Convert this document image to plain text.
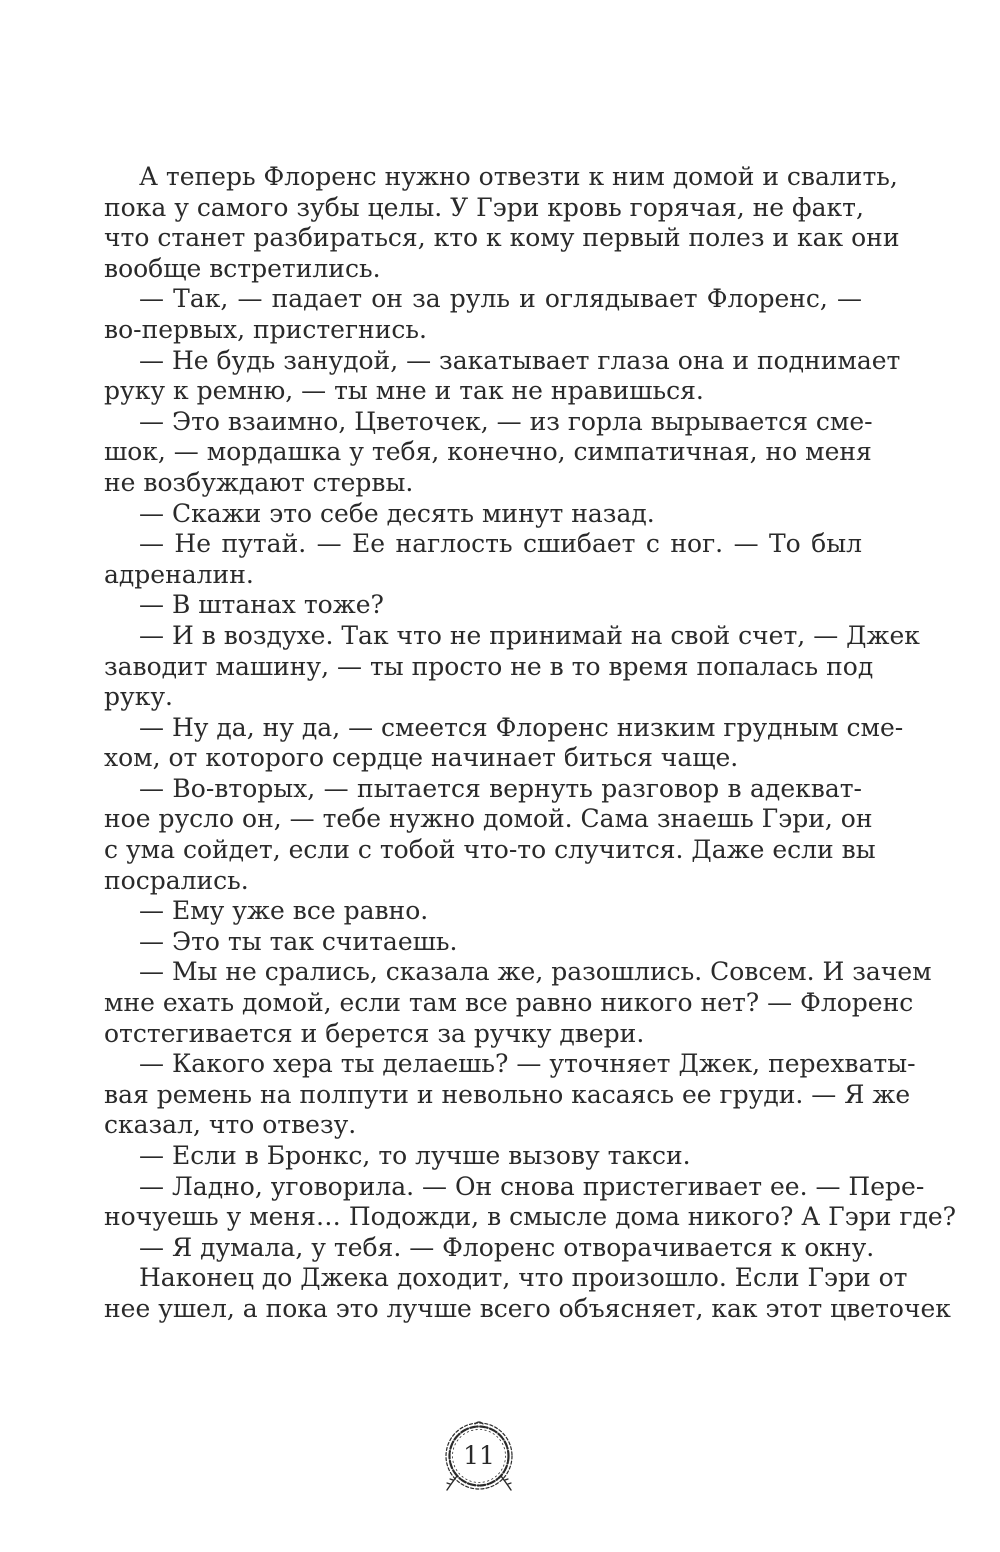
А теперь Флоренс нужно отвезти к ним домой и свалить,
пока у самого зубы целы. У Гэри кровь горячая, не факт,
что станет разбираться, кто к кому первый полез и как они
вообще встретились.
— Так, — падает он за руль и оглядывает Флоренс, —
во-первых, пристегнись.
— Не будь занудой, — закатывает глаза она и поднимает
руку к ремню, — ты мне и так не нравишься.
— Это взаимно, Цветочек, — из горла вырывается сме-
шок, — мордашка у тебя, конечно, симпатичная, но меня
не возбуждают стервы.
— Скажи это себе десять минут назад.
— Не путай. — Ее наглость сшибает с ног. — То был
адреналин.
— В штанах тоже?
— И в воздухе. Так что не принимай на свой счет, — Джек
заводит машину, — ты просто не в то время попалась под
руку.
— Ну да, ну да, — смеется Флоренс низким грудным сме-
хом, от которого сердце начинает биться чаще.
— Во-вторых, — пытается вернуть разговор в адекват-
ное русло он, — тебе нужно домой. Сама знаешь Гэри, он
с ума сойдет, если с тобой что-то случится. Даже если вы
посрались.
— Ему уже все равно.
— Это ты так считаешь.
— Мы не срались, сказала же, разошлись. Совсем. И зачем
мне ехать домой, если там все равно никого нет? — Флоренс
отстегивается и берется за ручку двери.
— Какого хера ты делаешь? — уточняет Джек, перехваты-
вая ремень на полпути и невольно касаясь ее груди. — Я же
сказал, что отвезу.
— Если в Бронкс, то лучше вызову такси.
— Ладно, уговорила. — Он снова пристегивает ее. — Пере-
ночуешь у меня… Подожди, в смысле дома никого? А Гэри где?
— Я думала, у тебя. — Флоренс отворачивается к окну.
Наконец до Джека доходит, что произошло. Если Гэри от
нее ушел, а пока это лучше всего объясняет, как этот цветочек
11
